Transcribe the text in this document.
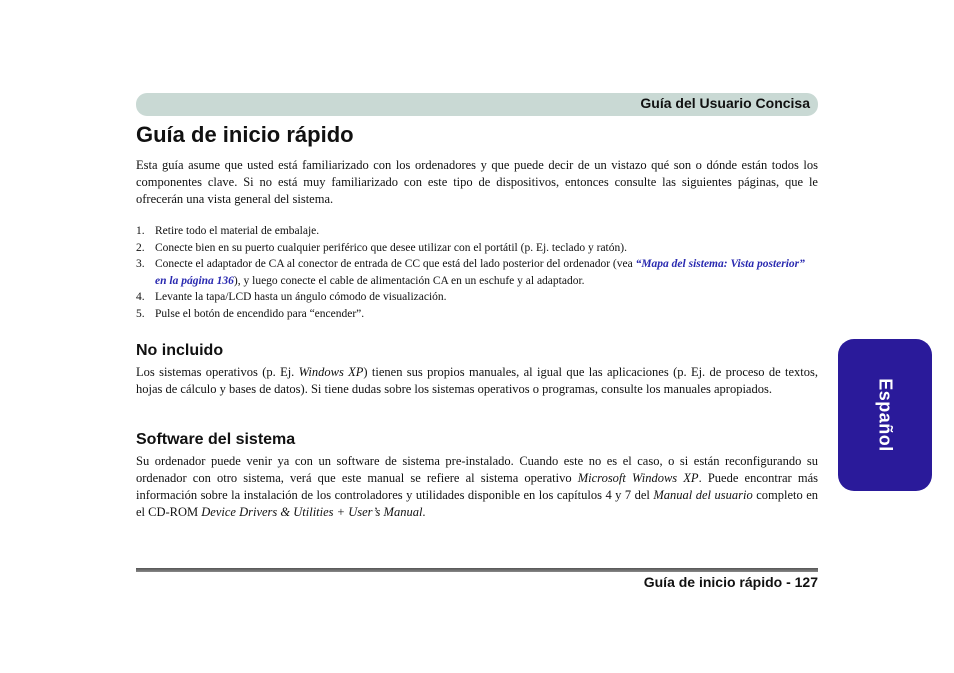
Guía del Usuario Concisa
Guía de inicio rápido

Esta guía asume que usted está familiarizado con los ordenadores y que puede decir de un vistazo qué son o dónde están todos los componentes clave. Si no está muy familiarizado con este tipo de dispositivos, entonces consulte las siguientes páginas, que le ofrecerán una vista general del sistema.

1. Retire todo el material de embalaje.
2. Conecte bien en su puerto cualquier periférico que desee utilizar con el portátil (p. Ej. teclado y ratón).
3. Conecte el adaptador de CA al conector de entrada de CC que está del lado posterior del ordenador (vea “Mapa del sistema: Vista posterior” en la página 136), y luego conecte el cable de alimentación CA en un eschufe y al adaptador.
4. Levante la tapa/LCD hasta un ángulo cómodo de visualización.
5. Pulse el botón de encendido para “encender”.
No incluido

Los sistemas operativos (p. Ej. Windows XP) tienen sus propios manuales, al igual que las aplicaciones (p. Ej. de proceso de textos, hojas de cálculo y bases de datos). Si tiene dudas sobre los sistemas operativos o programas, consulte los manuales apropiados.

Software del sistema

Su ordenador puede venir ya con un software de sistema pre-instalado. Cuando este no es el caso, o si están reconfigurando su ordenador con otro sistema, verá que este manual se refiere al sistema operativo Microsoft Windows XP. Puede encontrar más información sobre la instalación de los controladores y utilidades disponible en los capítulos 4 y 7 del Manual del usuario completo en el CD-ROM Device Drivers & Utilities + User’s Manual.

Guía de inicio rápido - 127
Español
